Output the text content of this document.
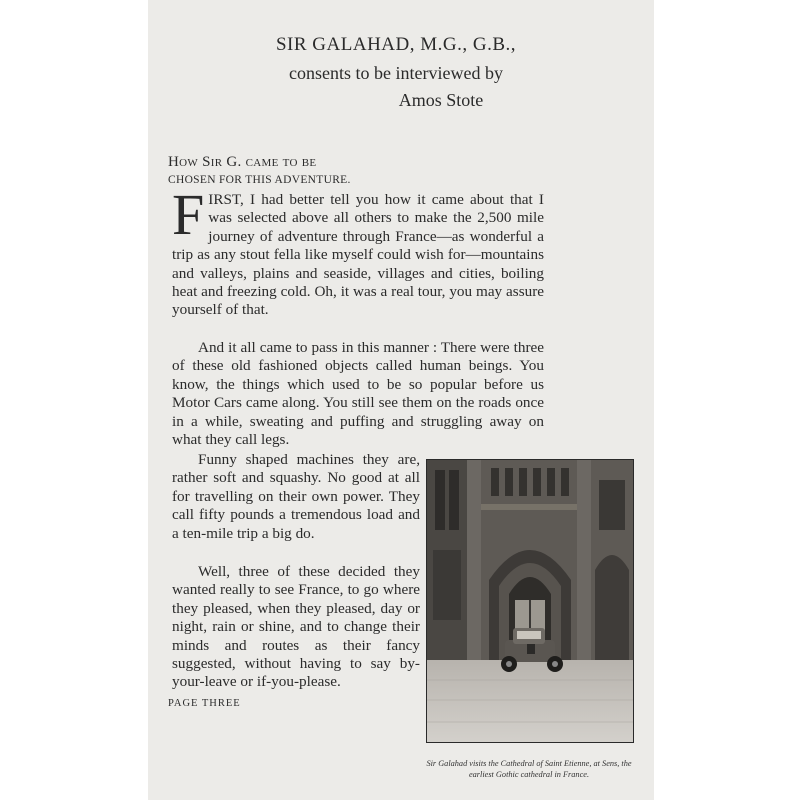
SIR GALAHAD, M.G., G.B.,
consents to be interviewed by
Amos Stote
How Sir G. came to be
CHOSEN FOR THIS ADVENTURE.
FIRST, I had better tell you how it came about that I was selected above all others to make the 2,500 mile journey of adventure through France—as wonderful a trip as any stout fella like myself could wish for—mountains and valleys, plains and seaside, villages and cities, boiling heat and freezing cold. Oh, it was a real tour, you may assure yourself of that.
And it all came to pass in this manner : There were three of these old fashioned objects called human beings. You know, the things which used to be so popular before us Motor Cars came along. You still see them on the roads once in a while, sweating and puffing and struggling away on what they call legs.
Funny shaped machines they are, rather soft and squashy. No good at all for travelling on their own power. They call fifty pounds a tremendous load and a ten-mile trip a big do.
Well, three of these decided they wanted really to see France, to go where they pleased, when they pleased, day or night, rain or shine, and to change their minds and routes as their fancy suggested, without having to say by-your-leave or if-you-please.
PAGE THREE
Sir Galahad visits the Cathedral of Saint Etienne, at Sens, the earliest Gothic cathedral in France.
